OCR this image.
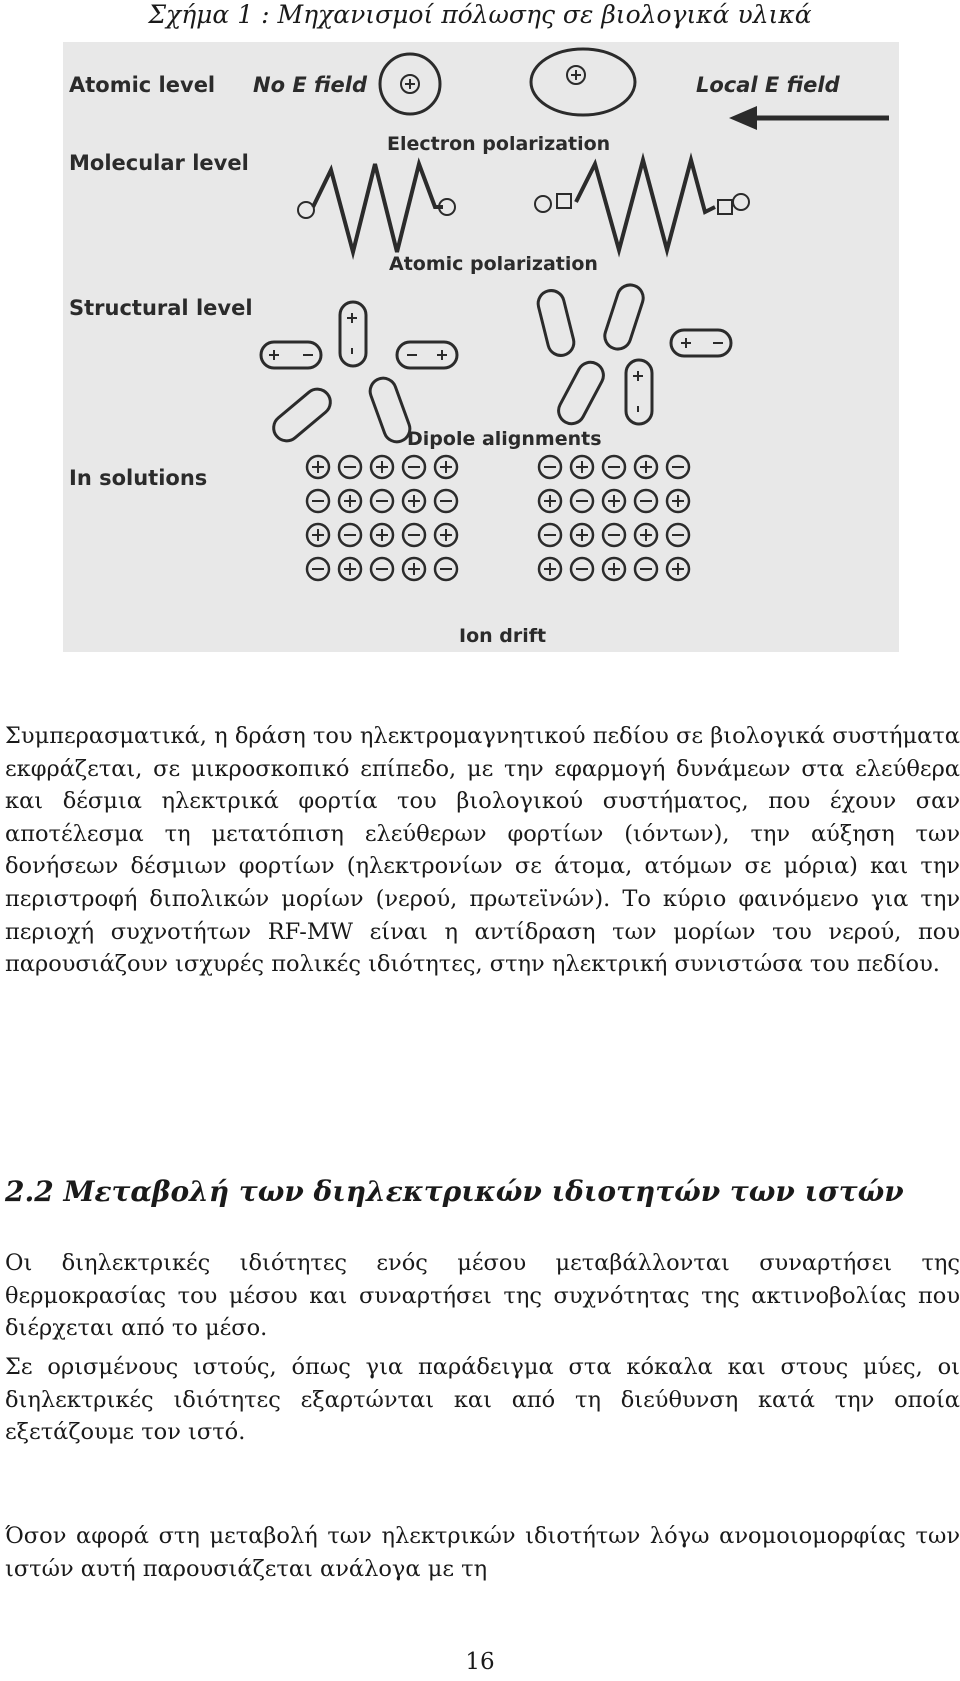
Σχήμα 1 : Μηχανισμοί πόλωσης σε βιολογικά υλικά
Atomic level
Molecular level
Structural level
In solutions
No E field	Local E field
Electron polarization
Atomic polarization
Dipole alignments
Ion drift

Συμπερασματικά, η δράση του ηλεκτρομαγνητικού πεδίου σε βιολογικά συστήματα εκφράζεται, σε μικροσκοπικό επίπεδο, με την εφαρμογή δυνάμεων στα ελεύθερα και δέσμια ηλεκτρικά φορτία του βιολογικού συστήματος, που έχουν σαν αποτέλεσμα τη μετατόπιση ελεύθερων φορτίων (ιόντων), την αύξηση των δονήσεων δέσμιων φορτίων (ηλεκτρονίων σε άτομα, ατόμων σε μόρια) και την περιστροφή διπολικών μορίων (νερού, πρωτεϊνών). Το κύριο φαινόμενο για την περιοχή συχνοτήτων RF-MW είναι η αντίδραση των μορίων του νερού, που παρουσιάζουν ισχυρές πολικές ιδιότητες, στην ηλεκτρική συνιστώσα του πεδίου.

2.2 Μεταβολή των διηλεκτρικών ιδιοτητών των ιστών

Οι διηλεκτρικές ιδιότητες ενός μέσου μεταβάλλονται συναρτήσει της θερμοκρασίας του μέσου και συναρτήσει της συχνότητας της ακτινοβολίας που διέρχεται από το μέσο.

Σε ορισμένους ιστούς, όπως για παράδειγμα στα κόκαλα και στους μύες, οι διηλεκτρικές ιδιότητες εξαρτώνται και από τη διεύθυνση κατά την οποία εξετάζουμε τον ιστό.

Όσον αφορά στη μεταβολή των ηλεκτρικών ιδιοτήτων λόγω ανομοιομορφίας των ιστών αυτή παρουσιάζεται ανάλογα με τη

16
